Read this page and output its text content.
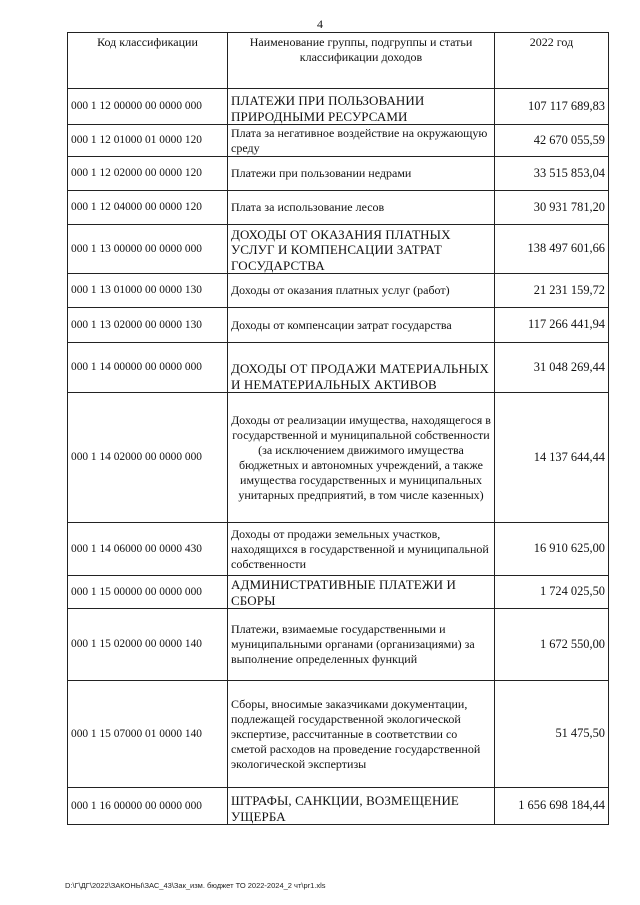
4
Код классификации	Наименование группы, подгруппы и статьи классификации доходов	2022 год
000 1 12 00000 00 0000 000	ПЛАТЕЖИ ПРИ ПОЛЬЗОВАНИИ ПРИРОДНЫМИ РЕСУРСАМИ	107 117 689,83
000 1 12 01000 01 0000 120	Плата за негативное воздействие на окружающую среду	42 670 055,59
000 1 12 02000 00 0000 120	Платежи при пользовании недрами	33 515 853,04
000 1 12 04000 00 0000 120	Плата за использование лесов	30 931 781,20
000 1 13 00000 00 0000 000	ДОХОДЫ ОТ ОКАЗАНИЯ ПЛАТНЫХ УСЛУГ И КОМПЕНСАЦИИ ЗАТРАТ ГОСУДАРСТВА	138 497 601,66
000 1 13 01000 00 0000 130	Доходы от оказания платных услуг (работ)	21 231 159,72
000 1 13 02000 00 0000 130	Доходы от компенсации затрат государства	117 266 441,94
000 1 14 00000 00 0000 000	ДОХОДЫ ОТ ПРОДАЖИ МАТЕРИАЛЬНЫХ И НЕМАТЕРИАЛЬНЫХ АКТИВОВ	31 048 269,44
000 1 14 02000 00 0000 000	Доходы от реализации имущества, находящегося в государственной и муниципальной собственности (за исключением движимого имущества бюджетных и автономных учреждений, а также имущества государственных и муниципальных унитарных предприятий, в том числе казенных)	14 137 644,44
000 1 14 06000 00 0000 430	Доходы от продажи земельных участков, находящихся в государственной и муниципальной собственности	16 910 625,00
000 1 15 00000 00 0000 000	АДМИНИСТРАТИВНЫЕ ПЛАТЕЖИ И СБОРЫ	1 724 025,50
000 1 15 02000 00 0000 140	Платежи, взимаемые государственными и муниципальными органами (организациями) за выполнение определенных функций	1 672 550,00
000 1 15 07000 01 0000 140	Сборы, вносимые заказчиками документации, подлежащей государственной экологической экспертизе, рассчитанные в соответствии со сметой расходов на проведение государственной экологической экспертизы	51 475,50
000 1 16 00000 00 0000 000	ШТРАФЫ, САНКЦИИ, ВОЗМЕЩЕНИЕ УЩЕРБА	1 656 698 184,44
D:\Г\ДГ\2022\ЗАКОНЫ\ЗАС_43\Зак_изм. бюджет ТО 2022-2024_2 чт\pr1.xls
